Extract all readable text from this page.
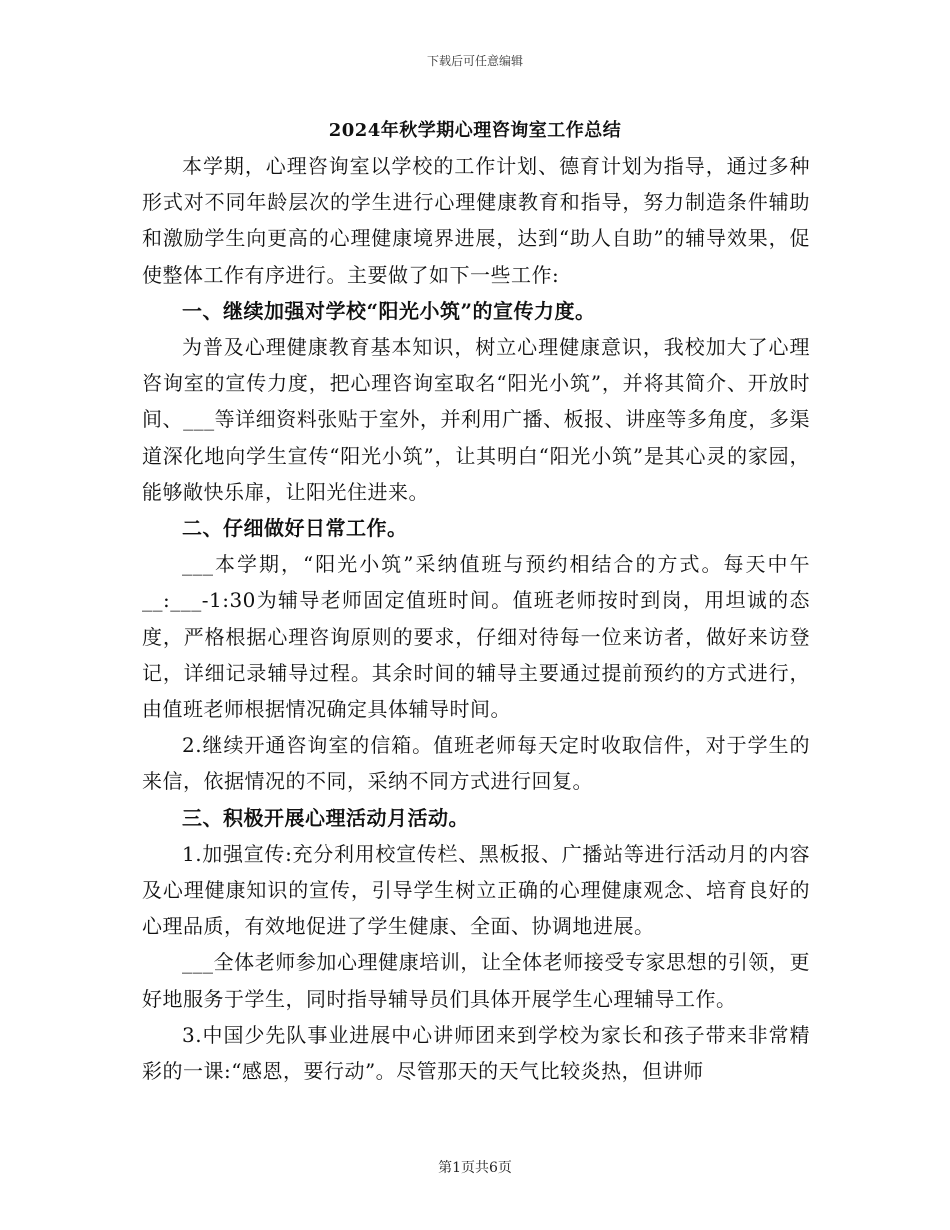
下载后可任意编辑
2024年秋学期心理咨询室工作总结

本学期，心理咨询室以学校的工作计划、德育计划为指导，通过多种形式对不同年龄层次的学生进行心理健康教育和指导，努力制造条件辅助和激励学生向更高的心理健康境界进展，达到“助人自助”的辅导效果，促使整体工作有序进行。主要做了如下一些工作:

一、继续加强对学校“阳光小筑”的宣传力度。

为普及心理健康教育基本知识，树立心理健康意识，我校加大了心理咨询室的宣传力度，把心理咨询室取名“阳光小筑”，并将其简介、开放时间、___等详细资料张贴于室外，并利用广播、板报、讲座等多角度，多渠道深化地向学生宣传“阳光小筑”，让其明白“阳光小筑”是其心灵的家园，能够敞快乐扉，让阳光住进来。

二、仔细做好日常工作。

___本学期，“阳光小筑”采纳值班与预约相结合的方式。每天中午__:___-1:30为辅导老师固定值班时间。值班老师按时到岗，用坦诚的态度，严格根据心理咨询原则的要求，仔细对待每一位来访者，做好来访登记，详细记录辅导过程。其余时间的辅导主要通过提前预约的方式进行，由值班老师根据情况确定具体辅导时间。

2.继续开通咨询室的信箱。值班老师每天定时收取信件，对于学生的来信，依据情况的不同，采纳不同方式进行回复。

三、积极开展心理活动月活动。

1.加强宣传:充分利用校宣传栏、黑板报、广播站等进行活动月的内容及心理健康知识的宣传，引导学生树立正确的心理健康观念、培育良好的心理品质，有效地促进了学生健康、全面、协调地进展。

___全体老师参加心理健康培训，让全体老师接受专家思想的引领，更好地服务于学生，同时指导辅导员们具体开展学生心理辅导工作。

3.中国少先队事业进展中心讲师团来到学校为家长和孩子带来非常精彩的一课:“感恩，要行动”。尽管那天的天气比较炎热，但讲师

第1页共6页
